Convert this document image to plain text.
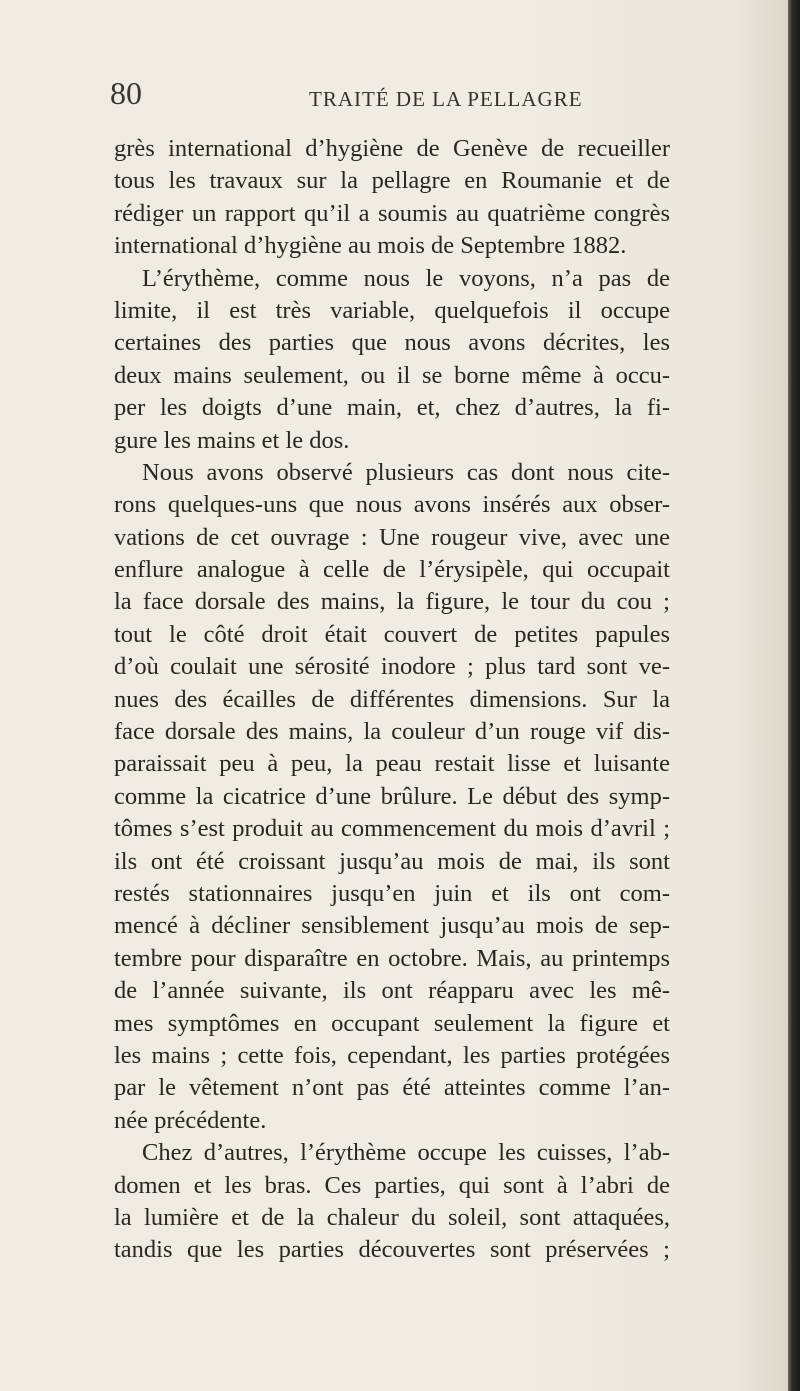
80	TRAITÉ DE LA PELLAGRE
grès international d’hygiène de Genève de recueiller
tous les travaux sur la pellagre en Roumanie et de
rédiger un rapport qu’il a soumis au quatrième congrès
international d’hygiène au mois de Septembre 1882.
L’érythème, comme nous le voyons, n’a pas de
limite, il est très variable, quelquefois il occupe
certaines des parties que nous avons décrites, les
deux mains seulement, ou il se borne même à occu-
per les doigts d’une main, et, chez d’autres, la fi-
gure les mains et le dos.
Nous avons observé plusieurs cas dont nous cite-
rons quelques-uns que nous avons insérés aux obser-
vations de cet ouvrage : Une rougeur vive, avec une
enflure analogue à celle de l’érysipèle, qui occupait
la face dorsale des mains, la figure, le tour du cou ;
tout le côté droit était couvert de petites papules
d’où coulait une sérosité inodore ; plus tard sont ve-
nues des écailles de différentes dimensions. Sur la
face dorsale des mains, la couleur d’un rouge vif dis-
paraissait peu à peu, la peau restait lisse et luisante
comme la cicatrice d’une brûlure. Le début des symp-
tômes s’est produit au commencement du mois d’avril ;
ils ont été croissant jusqu’au mois de mai, ils sont
restés stationnaires jusqu’en juin et ils ont com-
mencé à décliner sensiblement jusqu’au mois de sep-
tembre pour disparaître en octobre. Mais, au printemps
de l’année suivante, ils ont réapparu avec les mê-
mes symptômes en occupant seulement la figure et
les mains ; cette fois, cependant, les parties protégées
par le vêtement n’ont pas été atteintes comme l’an-
née précédente.
Chez d’autres, l’érythème occupe les cuisses, l’ab-
domen et les bras. Ces parties, qui sont à l’abri de
la lumière et de la chaleur du soleil, sont attaquées,
tandis que les parties découvertes sont préservées ;
